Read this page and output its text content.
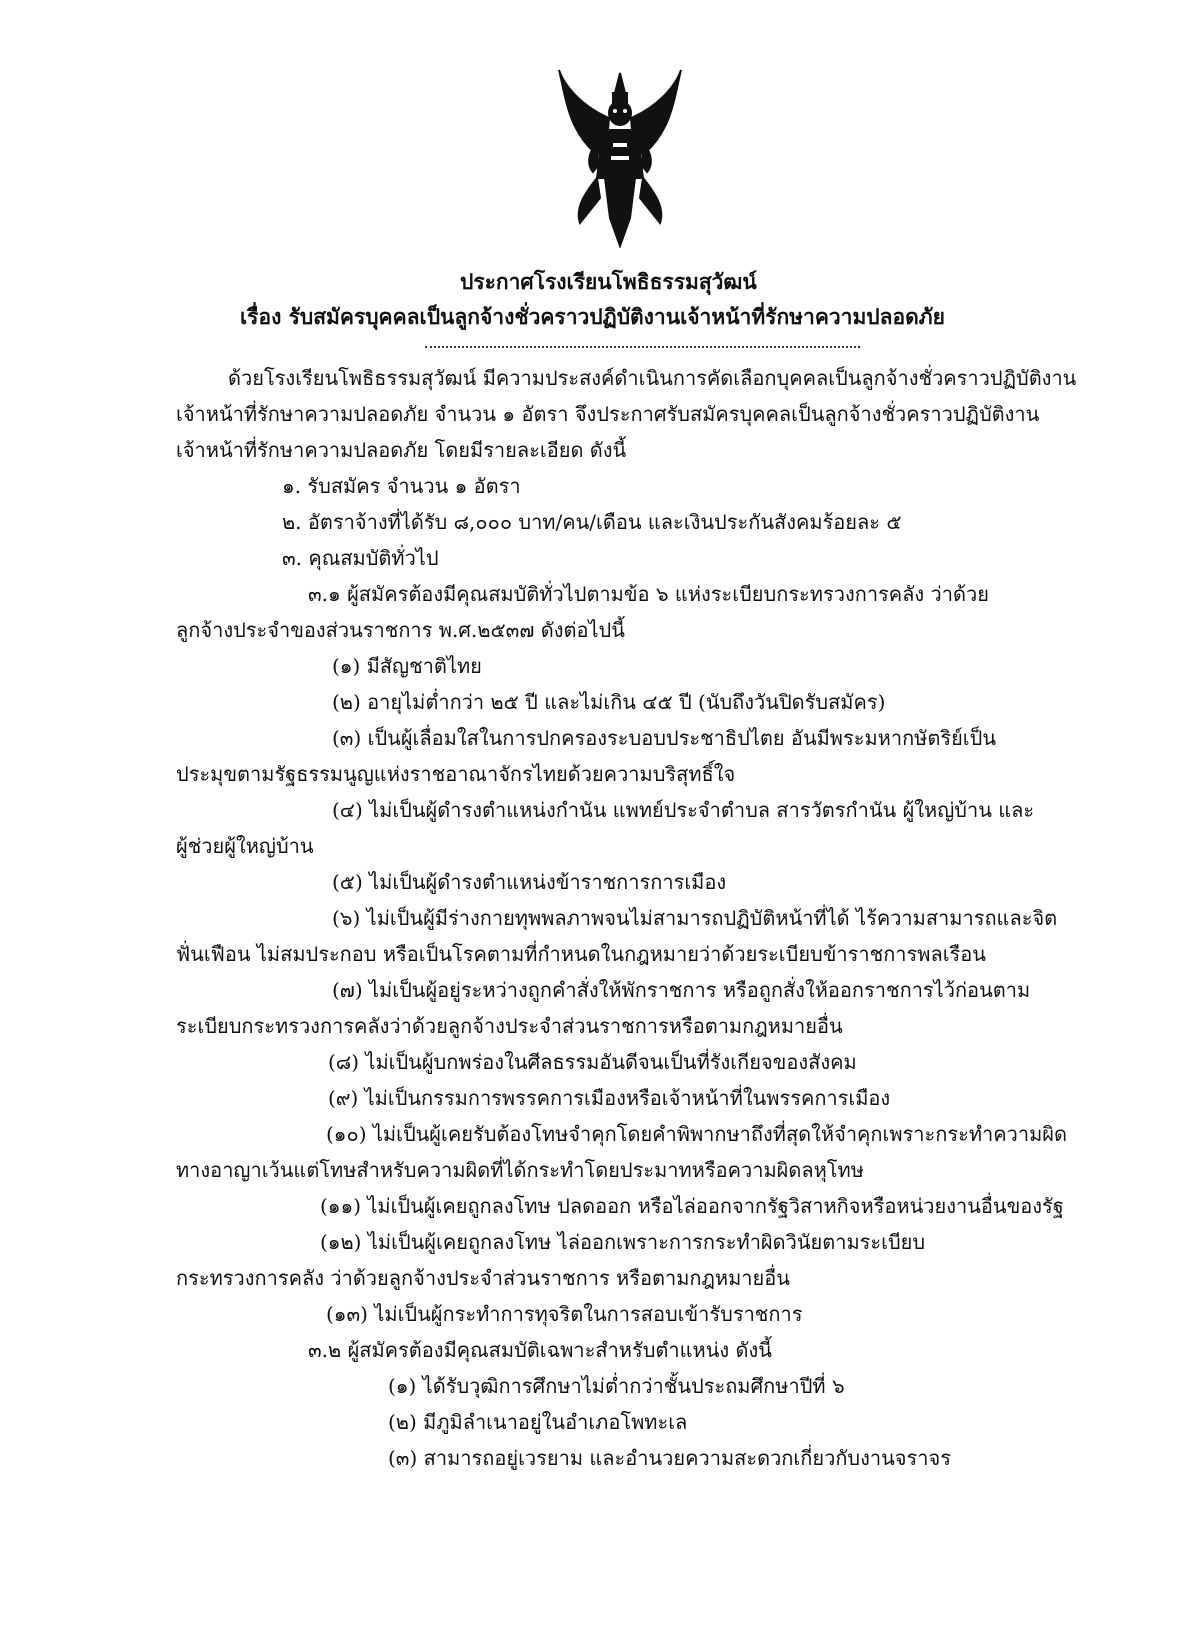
ประกาศโรงเรียนโพธิธรรมสุวัฒน์
เรื่อง รับสมัครบุคคลเป็นลูกจ้างชั่วคราวปฏิบัติงานเจ้าหน้าที่รักษาความปลอดภัย
ด้วยโรงเรียนโพธิธรรมสุวัฒน์ มีความประสงค์ดำเนินการคัดเลือกบุคคลเป็นลูกจ้างชั่วคราวปฏิบัติงาน
เจ้าหน้าที่รักษาความปลอดภัย จำนวน ๑ อัตรา จึงประกาศรับสมัครบุคคลเป็นลูกจ้างชั่วคราวปฏิบัติงาน
เจ้าหน้าที่รักษาความปลอดภัย โดยมีรายละเอียด ดังนี้
๑. รับสมัคร จำนวน ๑ อัตรา
๒. อัตราจ้างที่ได้รับ ๘,๐๐๐ บาท/คน/เดือน และเงินประกันสังคมร้อยละ ๕
๓. คุณสมบัติทั่วไป
๓.๑ ผู้สมัครต้องมีคุณสมบัติทั่วไปตามข้อ ๖ แห่งระเบียบกระทรวงการคลัง ว่าด้วย
ลูกจ้างประจำของส่วนราชการ พ.ศ.๒๕๓๗ ดังต่อไปนี้
(๑) มีสัญชาติไทย
(๒) อายุไม่ต่ำกว่า ๒๕ ปี และไม่เกิน ๔๕ ปี (นับถึงวันปิดรับสมัคร)
(๓) เป็นผู้เลื่อมใสในการปกครองระบอบประชาธิปไตย อันมีพระมหากษัตริย์เป็น
ประมุขตามรัฐธรรมนูญแห่งราชอาณาจักรไทยด้วยความบริสุทธิ์ใจ
(๔) ไม่เป็นผู้ดำรงตำแหน่งกำนัน แพทย์ประจำตำบล สารวัตรกำนัน ผู้ใหญ่บ้าน และ
ผู้ช่วยผู้ใหญ่บ้าน
(๕) ไม่เป็นผู้ดำรงตำแหน่งข้าราชการการเมือง
(๖) ไม่เป็นผู้มีร่างกายทุพพลภาพจนไม่สามารถปฏิบัติหน้าที่ได้ ไร้ความสามารถและจิต
ฟั่นเฟือน ไม่สมประกอบ หรือเป็นโรคตามที่กำหนดในกฎหมายว่าด้วยระเบียบข้าราชการพลเรือน
(๗) ไม่เป็นผู้อยู่ระหว่างถูกคำสั่งให้พักราชการ หรือถูกสั่งให้ออกราชการไว้ก่อนตาม
ระเบียบกระทรวงการคลังว่าด้วยลูกจ้างประจำส่วนราชการหรือตามกฎหมายอื่น
(๘) ไม่เป็นผู้บกพร่องในศีลธรรมอันดีจนเป็นที่รังเกียจของสังคม
(๙) ไม่เป็นกรรมการพรรคการเมืองหรือเจ้าหน้าที่ในพรรคการเมือง
(๑๐) ไม่เป็นผู้เคยรับต้องโทษจำคุกโดยคำพิพากษาถึงที่สุดให้จำคุกเพราะกระทำความผิด
ทางอาญาเว้นแต่โทษสำหรับความผิดที่ได้กระทำโดยประมาทหรือความผิดลหุโทษ
(๑๑) ไม่เป็นผู้เคยถูกลงโทษ ปลดออก หรือไล่ออกจากรัฐวิสาหกิจหรือหน่วยงานอื่นของรัฐ
(๑๒) ไม่เป็นผู้เคยถูกลงโทษ ไล่ออกเพราะการกระทำผิดวินัยตามระเบียบ
กระทรวงการคลัง ว่าด้วยลูกจ้างประจำส่วนราชการ หรือตามกฎหมายอื่น
(๑๓) ไม่เป็นผู้กระทำการทุจริตในการสอบเข้ารับราชการ
๓.๒ ผู้สมัครต้องมีคุณสมบัติเฉพาะสำหรับตำแหน่ง ดังนี้
(๑) ได้รับวุฒิการศึกษาไม่ต่ำกว่าชั้นประถมศึกษาปีที่ ๖
(๒) มีภูมิลำเนาอยู่ในอำเภอโพทะเล
(๓) สามารถอยู่เวรยาม และอำนวยความสะดวกเกี่ยวกับงานจราจร
